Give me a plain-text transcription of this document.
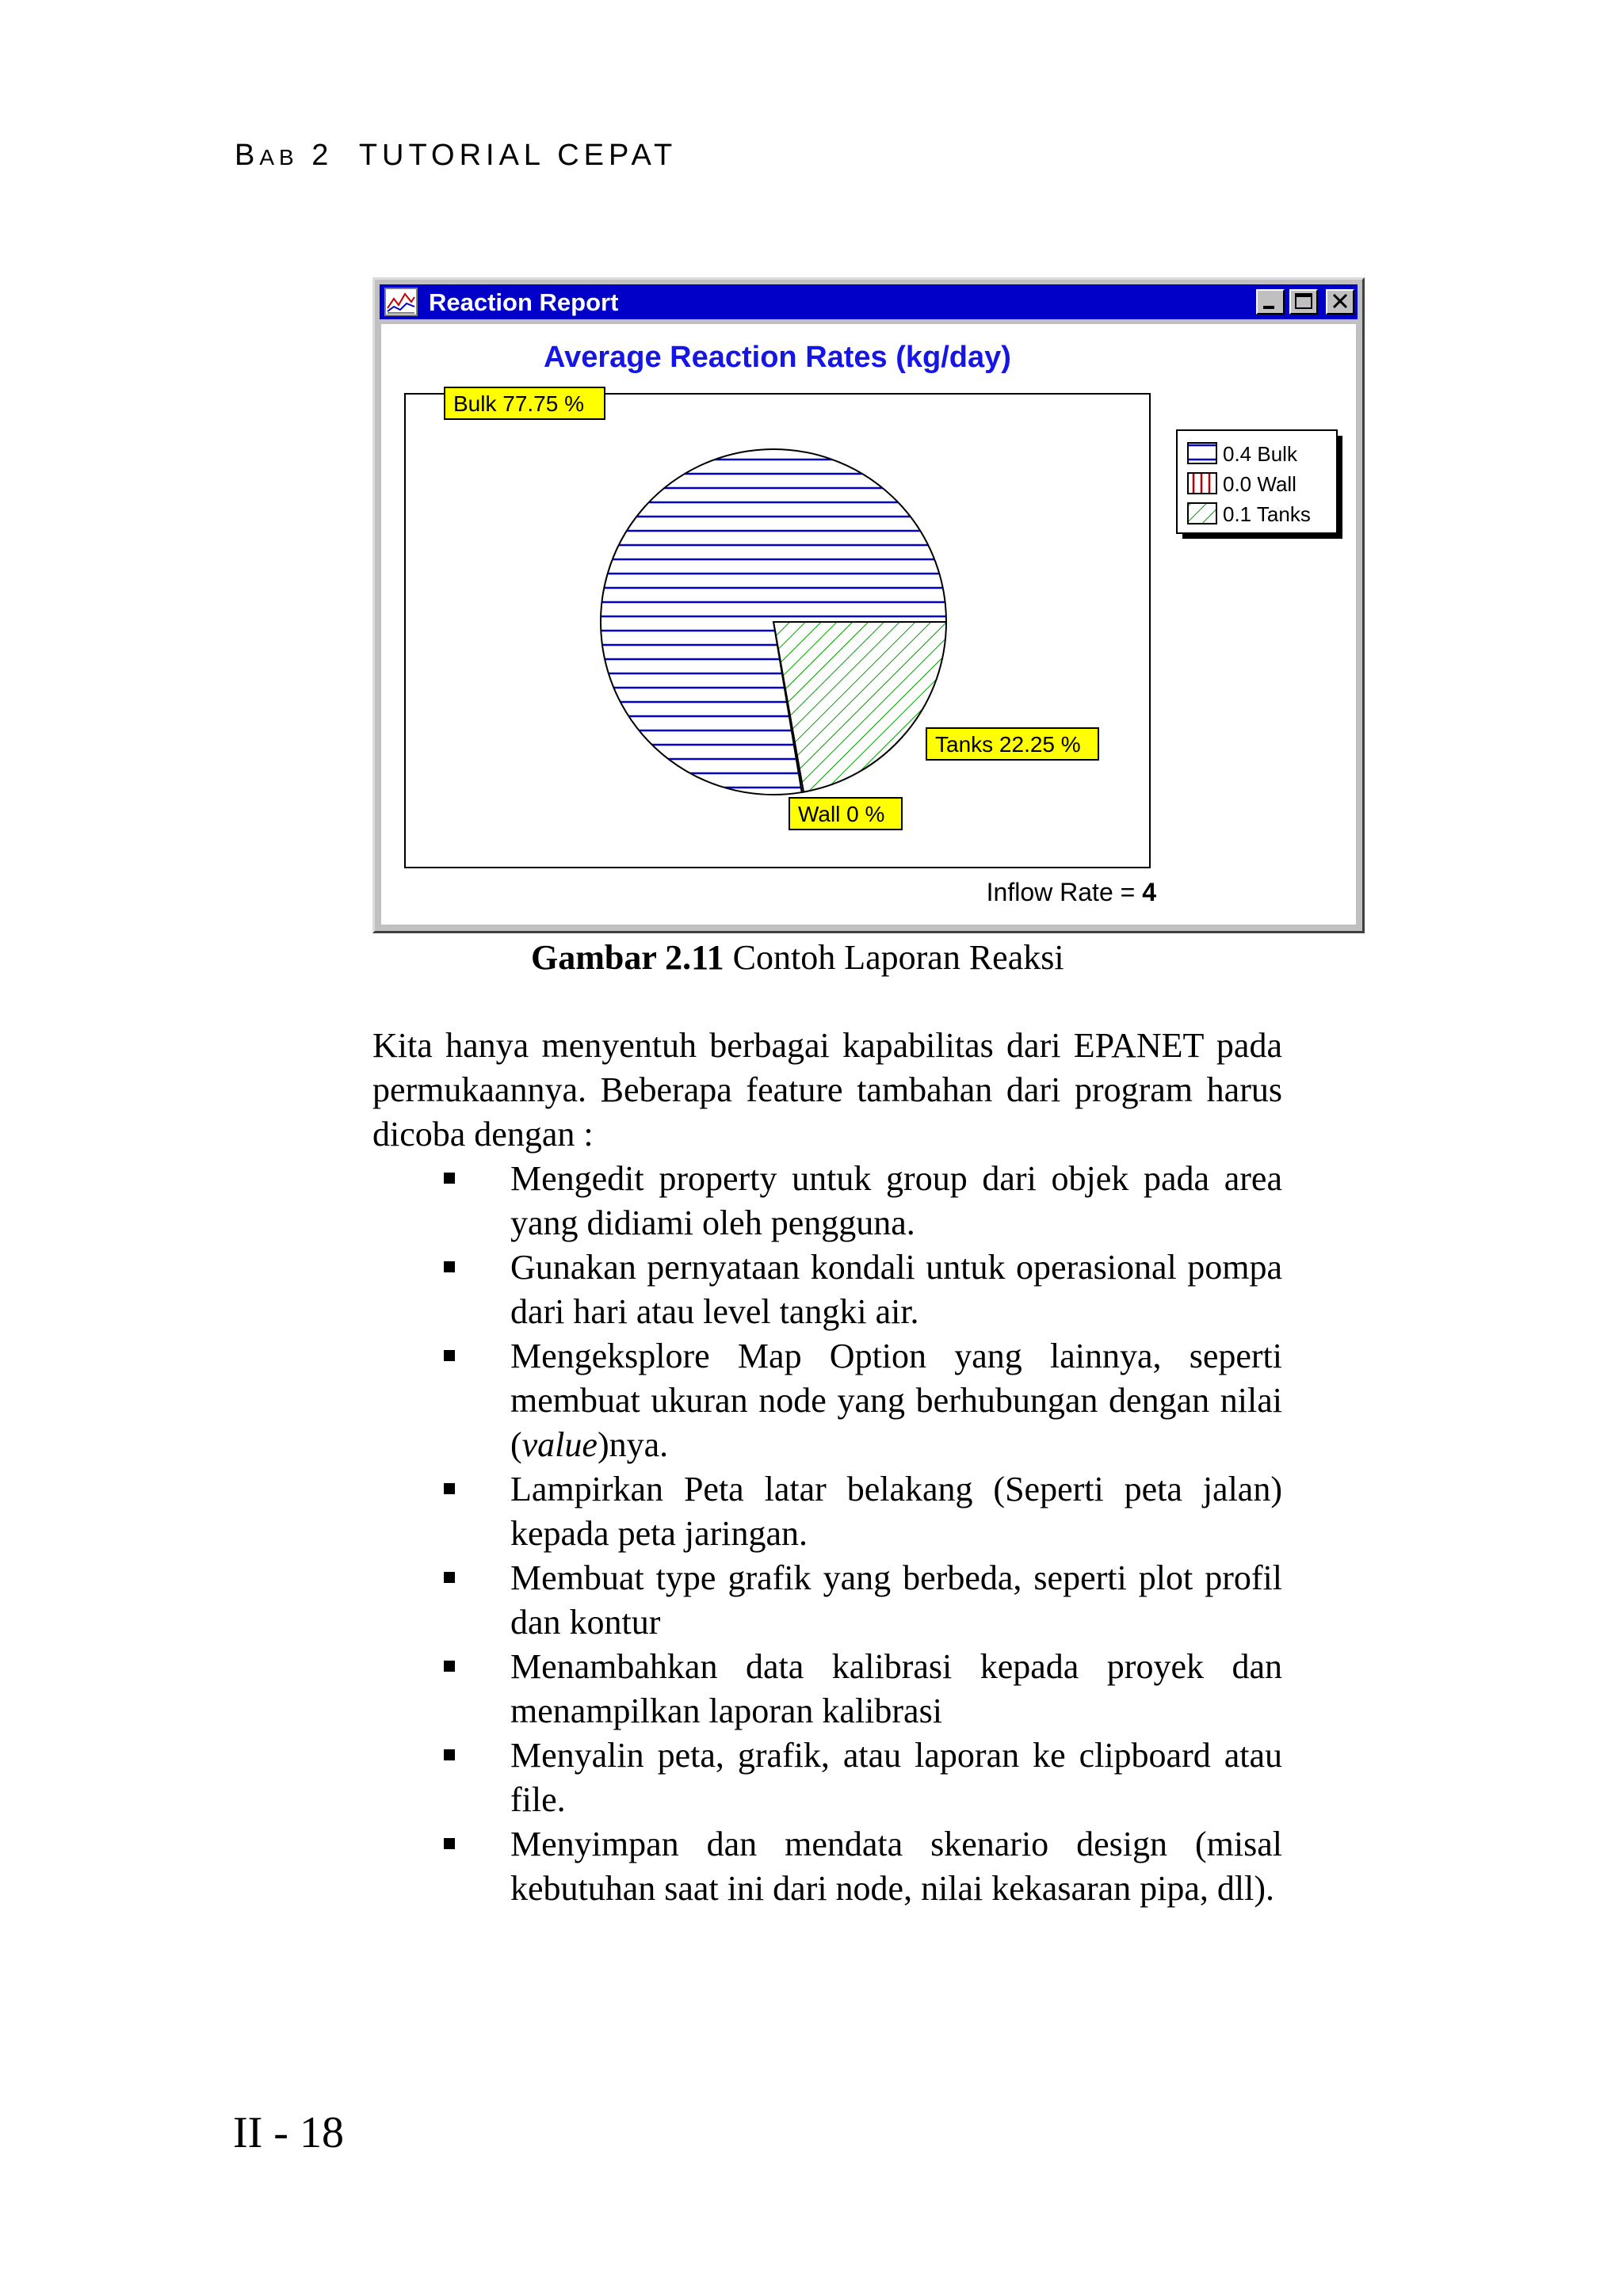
BAB 2  TUTORIAL CEPAT
Reaction Report
Average Reaction Rates (kg/day)
Bulk 77.75 %
Wall 0 %
Tanks 22.25 %
0.4 Bulk
0.0 Wall
0.1 Tanks
Inflow Rate = 4
Gambar 2.11 Contoh Laporan Reaksi
Kita hanya menyentuh berbagai kapabilitas dari EPANET pada permukaannya. Beberapa feature tambahan dari program harus dicoba dengan :
Mengedit property untuk group dari objek pada area yang didiami oleh pengguna.
Gunakan pernyataan kondali untuk operasional pompa dari hari atau level tangki air.
Mengeksplore Map Option yang lainnya, seperti membuat ukuran node yang berhubungan dengan nilai (value)nya.
Lampirkan Peta latar belakang (Seperti peta jalan) kepada peta jaringan.
Membuat type grafik yang berbeda, seperti plot profil dan kontur
Menambahkan data kalibrasi kepada proyek dan menampilkan laporan kalibrasi
Menyalin peta, grafik, atau laporan ke clipboard atau file.
Menyimpan dan mendata skenario design (misal kebutuhan saat ini dari node, nilai kekasaran pipa, dll).
II - 18
